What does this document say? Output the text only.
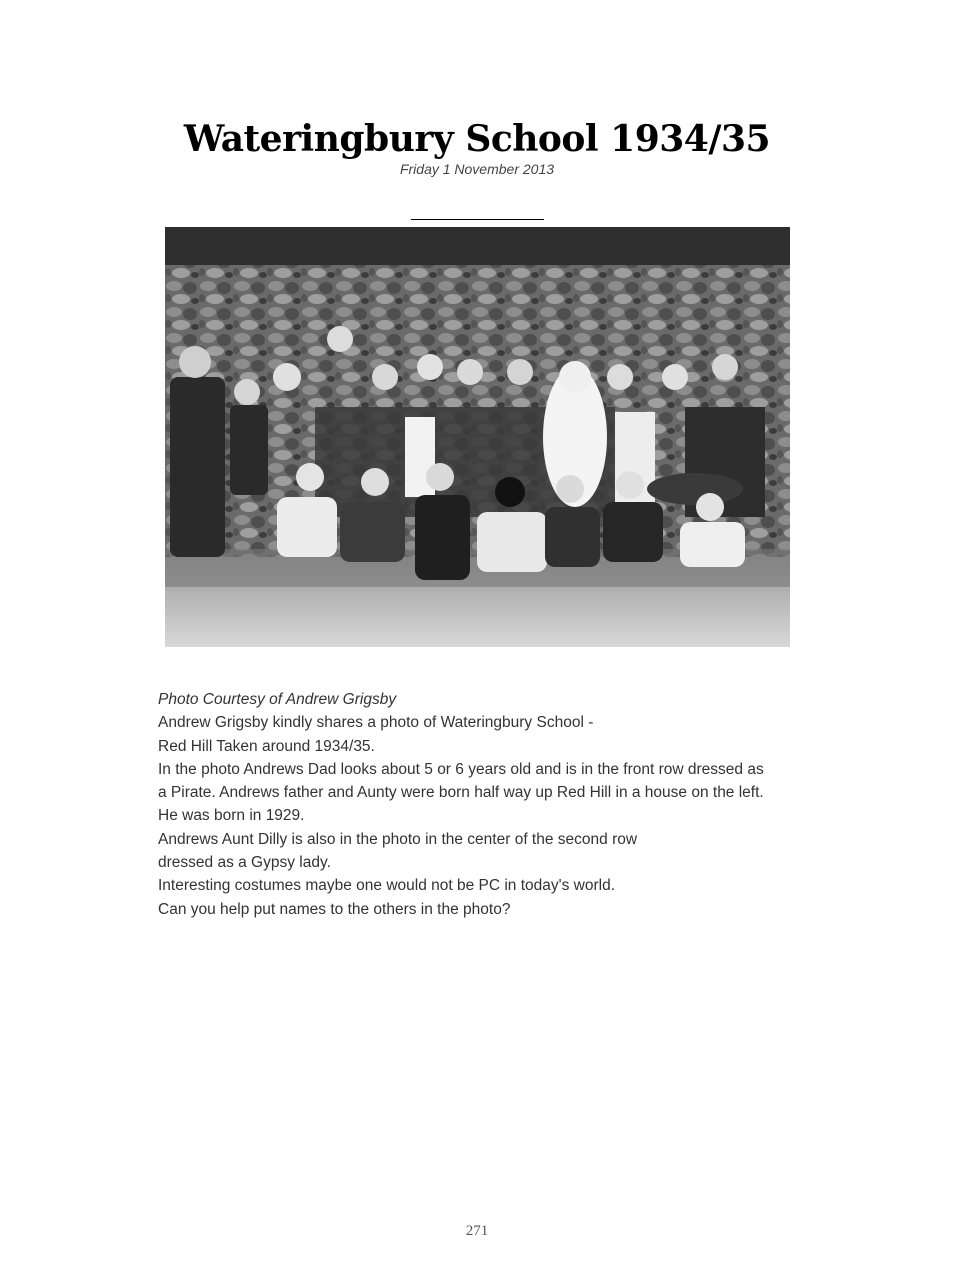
Wateringbury School 1934/35
Friday 1 November 2013

Photo Courtesy of Andrew Grigsby

Andrew Grigsby kindly shares a photo of Wateringbury School -

Red Hill Taken around 1934/35.

In the photo Andrews Dad looks about 5 or 6 years old and is in the front row dressed as

a Pirate. Andrews father and Aunty were born half way up Red Hill in a house on the left.

He was born in 1929.

Andrews Aunt Dilly is also in the photo in the center of the second row

dressed as a Gypsy lady.

Interesting costumes maybe one would not be PC in today's world.

Can you help put names to the others in the photo?

271
